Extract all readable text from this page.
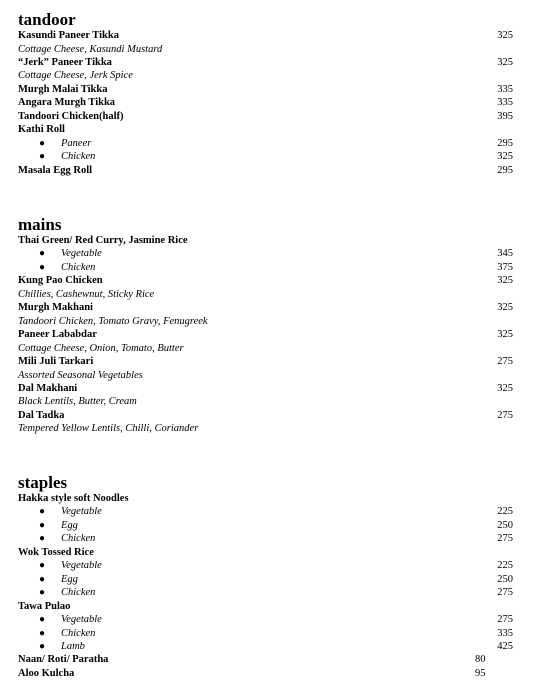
tandoor
Kasundi Paneer Tikka	325
Cottage Cheese, Kasundi Mustard
“Jerk” Paneer Tikka	325
Cottage Cheese, Jerk Spice
Murgh Malai Tikka	335
Angara Murgh Tikka	335
Tandoori Chicken(half)	395
Kathi Roll
● Paneer	295
● Chicken	325
Masala Egg Roll	295
mains
Thai Green/ Red Curry, Jasmine Rice
● Vegetable	345
● Chicken	375
Kung Pao Chicken	325
Chillies, Cashewnut, Sticky Rice
Murgh Makhani	325
Tandoori Chicken, Tomato Gravy, Fenugreek
Paneer Lababdar	325
Cottage Cheese, Onion, Tomato, Butter
Mili Juli Tarkari	275
Assorted Seasonal Vegetables
Dal Makhani	325
Black Lentils, Butter, Cream
Dal Tadka	275
Tempered Yellow Lentils, Chilli, Coriander
staples
Hakka style soft Noodles
● Vegetable	225
● Egg	250
● Chicken	275
Wok Tossed Rice
● Vegetable	225
● Egg	250
● Chicken	275
Tawa Pulao
● Vegetable	275
● Chicken	335
● Lamb	425
Naan/ Roti/ Paratha	80
Aloo Kulcha	95
